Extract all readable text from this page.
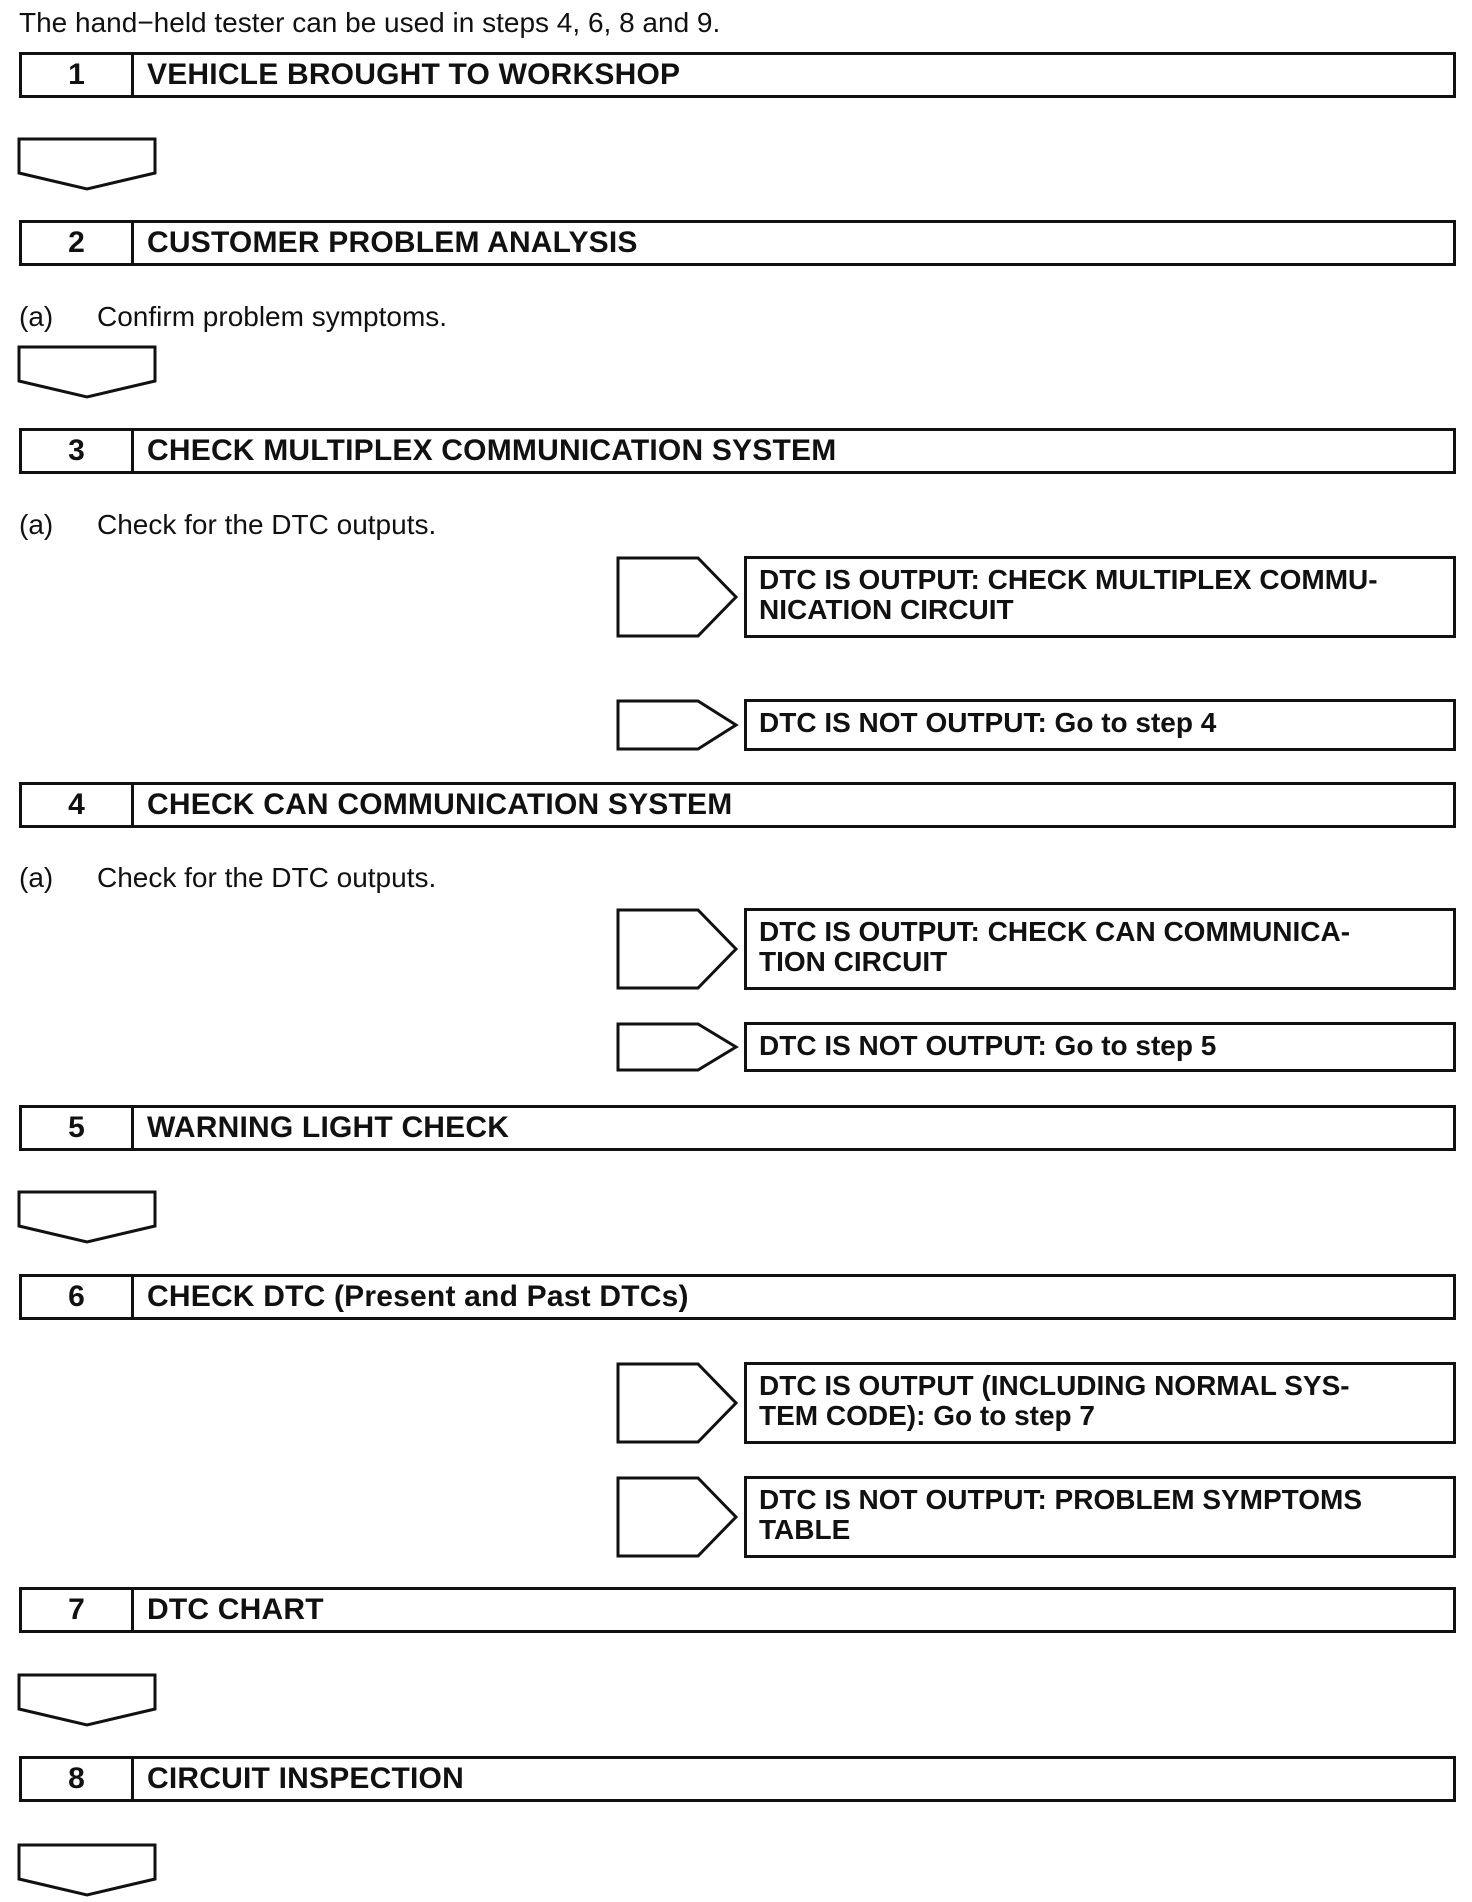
The hand−held tester can be used in steps 4, 6, 8 and 9.
1	VEHICLE BROUGHT TO WORKSHOP
2	CUSTOMER PROBLEM ANALYSIS
(a)	Confirm problem symptoms.
3	CHECK MULTIPLEX COMMUNICATION SYSTEM
(a)	Check for the DTC outputs.
DTC IS OUTPUT: CHECK MULTIPLEX COMMU-
NICATION CIRCUIT
DTC IS NOT OUTPUT: Go to step 4
4	CHECK CAN COMMUNICATION SYSTEM
(a)	Check for the DTC outputs.
DTC IS OUTPUT: CHECK CAN COMMUNICA-
TION CIRCUIT
DTC IS NOT OUTPUT: Go to step 5
5	WARNING LIGHT CHECK
6	CHECK DTC (Present and Past DTCs)
DTC IS OUTPUT (INCLUDING NORMAL SYS-
TEM CODE): Go to step 7
DTC IS NOT OUTPUT: PROBLEM SYMPTOMS
TABLE
7	DTC CHART
8	CIRCUIT INSPECTION
